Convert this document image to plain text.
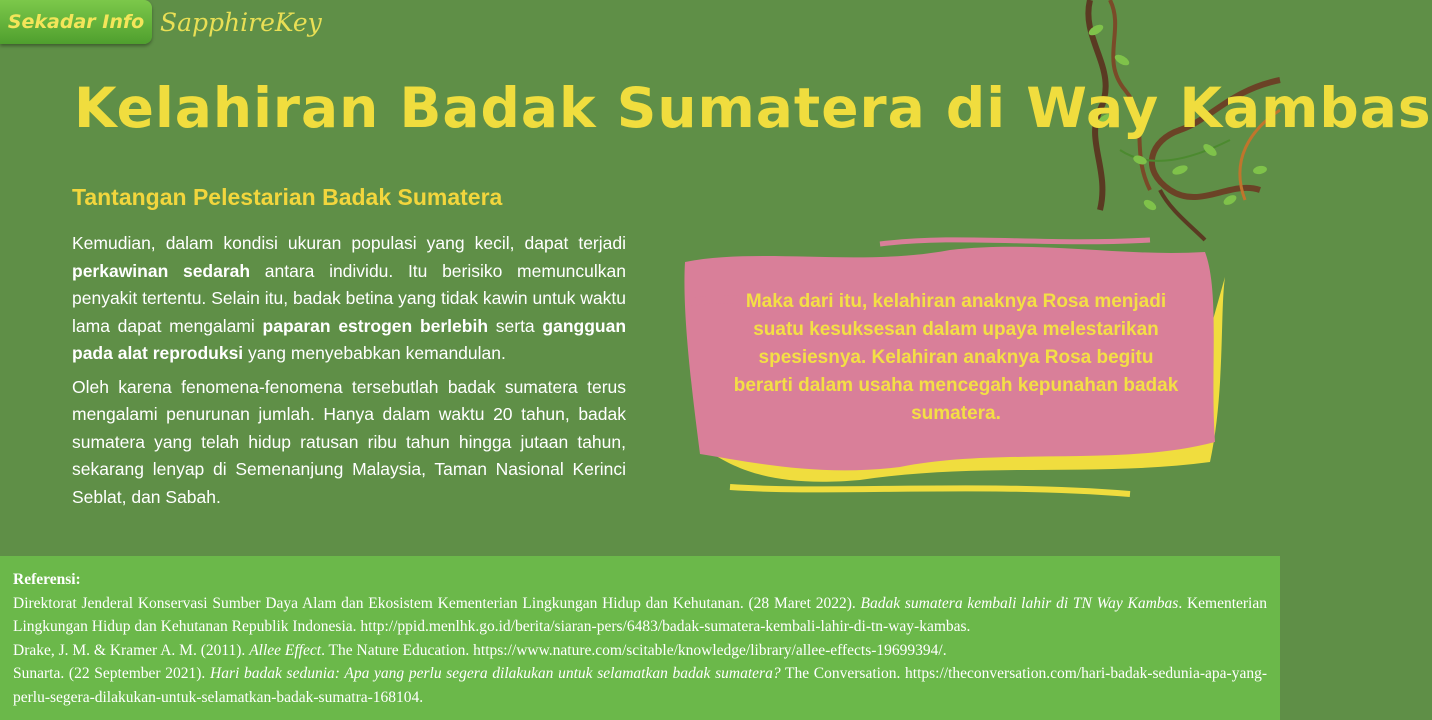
Sekadar Info SapphireKey
Kelahiran Badak Sumatera di Way Kambas
Tantangan Pelestarian Badak Sumatera

Kemudian, dalam kondisi ukuran populasi yang kecil, dapat terjadi perkawinan sedarah antara individu. Itu berisiko memunculkan penyakit tertentu. Selain itu, badak betina yang tidak kawin untuk waktu lama dapat mengalami paparan estrogen berlebih serta gangguan pada alat reproduksi yang menyebabkan kemandulan.

Oleh karena fenomena-fenomena tersebutlah badak sumatera terus mengalami penurunan jumlah. Hanya dalam waktu 20 tahun, badak sumatera yang telah hidup ratusan ribu tahun hingga jutaan tahun, sekarang lenyap di Semenanjung Malaysia, Taman Nasional Kerinci Seblat, dan Sabah.

Maka dari itu, kelahiran anaknya Rosa menjadi suatu kesuksesan dalam upaya melestarikan spesiesnya. Kelahiran anaknya Rosa begitu berarti dalam usaha mencegah kepunahan badak sumatera.
Referensi:
Direktorat Jenderal Konservasi Sumber Daya Alam dan Ekosistem Kementerian Lingkungan Hidup dan Kehutanan. (28 Maret 2022). Badak sumatera kembali lahir di TN Way Kambas. Kementerian Lingkungan Hidup dan Kehutanan Republik Indonesia. http://ppid.menlhk.go.id/berita/siaran-pers/6483/badak-sumatera-kembali-lahir-di-tn-way-kambas.
Drake, J. M. & Kramer A. M. (2011). Allee Effect. The Nature Education. https://www.nature.com/scitable/knowledge/library/allee-effects-19699394/.
Sunarta. (22 September 2021). Hari badak sedunia: Apa yang perlu segera dilakukan untuk selamatkan badak sumatera? The Conversation. https://theconversation.com/hari-badak-sedunia-apa-yang-perlu-segera-dilakukan-untuk-selamatkan-badak-sumatra-168104.
